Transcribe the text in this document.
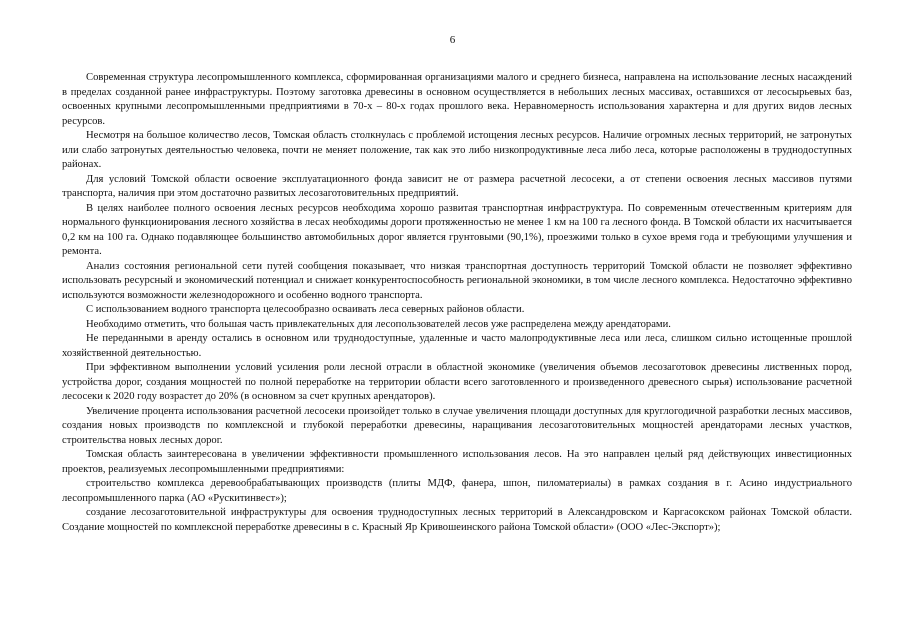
6

Современная структура лесопромышленного комплекса, сформированная организациями малого и среднего бизнеса, направлена на использование лесных насаждений в пределах созданной ранее инфраструктуры. Поэтому заготовка древесины в основном осуществляется в небольших лесных массивах, оставшихся от лесосырьевых баз, освоенных крупными лесопромышленными предприятиями в 70-х – 80-х годах прошлого века. Неравномерность использования характерна и для других видов лесных ресурсов.

Несмотря на большое количество лесов, Томская область столкнулась с проблемой истощения лесных ресурсов. Наличие огромных лесных территорий, не затронутых или слабо затронутых деятельностью человека, почти не меняет положение, так как это либо низкопродуктивные леса либо леса, которые расположены в труднодоступных районах.

Для условий Томской области освоение эксплуатационного фонда зависит не от размера расчетной лесосеки, а от степени освоения лесных массивов путями транспорта, наличия при этом достаточно развитых лесозаготовительных предприятий.

В целях наиболее полного освоения лесных ресурсов необходима хорошо развитая транспортная инфраструктура. По современным отечественным критериям для нормального функционирования лесного хозяйства в лесах необходимы дороги протяженностью не менее 1 км на 100 га лесного фонда. В Томской области их насчитывается 0,2 км на 100 га. Однако подавляющее большинство автомобильных дорог является грунтовыми (90,1%), проезжими только в сухое время года и требующими улучшения и ремонта.

Анализ состояния региональной сети путей сообщения показывает, что низкая транспортная доступность территорий Томской области не позволяет эффективно использовать ресурсный и экономический потенциал и снижает конкурентоспособность региональной экономики, в том числе лесного комплекса. Недостаточно эффективно используются возможности железнодорожного и особенно водного транспорта.

С использованием водного транспорта целесообразно осваивать леса северных районов области.

Необходимо отметить, что большая часть привлекательных для лесопользователей лесов уже распределена между арендаторами.

Не переданными в аренду остались в основном или труднодоступные, удаленные и часто малопродуктивные леса или леса, слишком сильно истощенные прошлой хозяйственной деятельностью.

При эффективном выполнении условий усиления роли лесной отрасли в областной экономике (увеличения объемов лесозаготовок древесины лиственных пород, устройства дорог, создания мощностей по полной переработке на территории области всего заготовленного и произведенного древесного сырья) использование расчетной лесосеки к 2020 году возрастет до 20% (в основном за счет крупных арендаторов).

Увеличение процента использования расчетной лесосеки произойдет только в случае увеличения площади доступных для круглогодичной разработки лесных массивов, создания новых производств по комплексной и глубокой переработки древесины, наращивания лесозаготовительных мощностей арендаторами лесных участков, строительства новых лесных дорог.

Томская область заинтересована в увеличении эффективности промышленного использования лесов. На это направлен целый ряд действующих инвестиционных проектов, реализуемых лесопромышленными предприятиями:

строительство комплекса деревообрабатывающих производств (плиты МДФ, фанера, шпон, пиломатериалы) в рамках создания в г. Асино индустриального лесопромышленного парка (АО «Рускитинвест»);

создание лесозаготовительной инфраструктуры для освоения труднодоступных лесных территорий в Александровском и Каргасокском районах Томской области. Создание мощностей по комплексной переработке древесины в с. Красный Яр Кривошеинского района Томской области» (ООО «Лес-Экспорт»);
